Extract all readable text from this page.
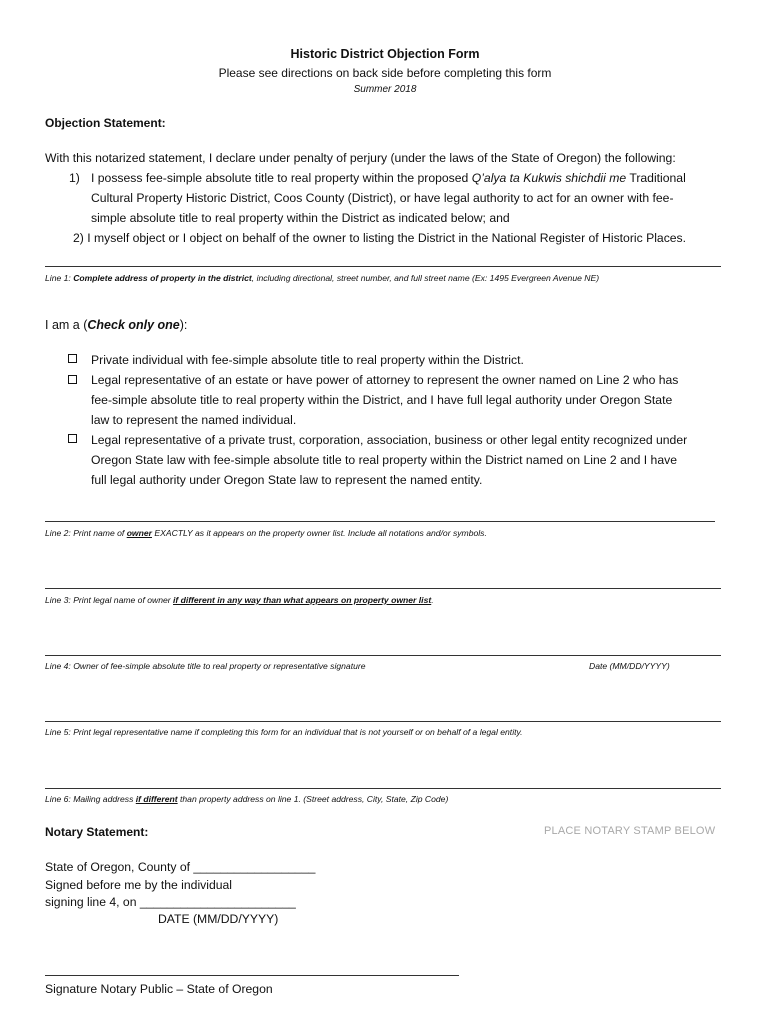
Historic District Objection Form
Please see directions on back side before completing this form
Summer 2018
Objection Statement:
With this notarized statement, I declare under penalty of perjury (under the laws of the State of Oregon) the following:
1) I possess fee-simple absolute title to real property within the proposed Q’alya ta Kukwis shichdii me Traditional
Cultural Property Historic District, Coos County (District), or have legal authority to act for an owner with fee-
simple absolute title to real property within the District as indicated below; and
2) I myself object or I object on behalf of the owner to listing the District in the National Register of Historic Places.
Line 1: Complete address of property in the district, including directional, street number, and full street name (Ex: 1495 Evergreen Avenue NE)
I am a (Check only one):
Private individual with fee-simple absolute title to real property within the District.
Legal representative of an estate or have power of attorney to represent the owner named on Line 2 who has
fee-simple absolute title to real property within the District, and I have full legal authority under Oregon State
law to represent the named individual.
Legal representative of a private trust, corporation, association, business or other legal entity recognized under
Oregon State law with fee-simple absolute title to real property within the District named on Line 2 and I have
full legal authority under Oregon State law to represent the named entity.
Line 2: Print name of owner EXACTLY as it appears on the property owner list. Include all notations and/or symbols.
Line 3: Print legal name of owner if different in any way than what appears on property owner list.
Line 4: Owner of fee-simple absolute title to real property or representative signature	Date (MM/DD/YYYY)
Line 5: Print legal representative name if completing this form for an individual that is not yourself or on behalf of a legal entity.
Line 6: Mailing address if different than property address on line 1. (Street address, City, State, Zip Code)
Notary Statement:	PLACE NOTARY STAMP BELOW
State of Oregon, County of __________________
Signed before me by the individual
signing line 4, on _______________________
DATE (MM/DD/YYYY)
Signature Notary Public – State of Oregon
